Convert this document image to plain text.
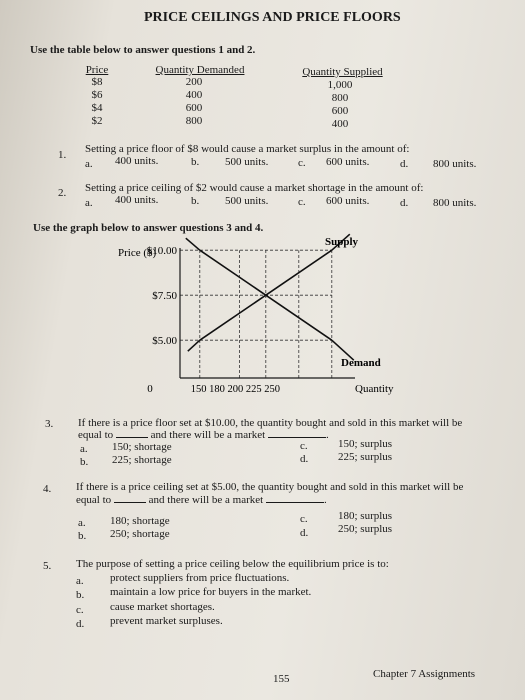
PRICE CEILINGS AND PRICE FLOORS
Use the table below to answer questions 1 and 2.
Price	Quantity Demanded	Quantity Supplied
$8	200	1,000
$6	400	800
$4	600	600
$2	800	400
1. Setting a price floor of $8 would cause a market surplus in the amount of:
a. 400 units.	b. 500 units.	c. 600 units.	d. 800 units.
2. Setting a price ceiling of $2 would cause a market shortage in the amount of:
a. 400 units.	b. 500 units.	c. 600 units.	d. 800 units.
Use the graph below to answer questions 3 and 4.
Price ($)
$10.00
$7.50
$5.00
0	150 180 200 225 250	Quantity
Supply
Demand
3. If there is a price floor set at $10.00, the quantity bought and sold in this market will be
equal to	and there will be a market	.
a. 150; shortage
b. 225; shortage
c.	150; surplus
d.	225; surplus
4. If there is a price ceiling set at $5.00, the quantity bought and sold in this market will be
equal to	and there will be a market	.
a. 180; shortage
b. 250; shortage
c.	180; surplus
d.	250; surplus
5. The purpose of setting a price ceiling below the equilibrium price is to:
a. protect suppliers from price fluctuations.
b. maintain a low price for buyers in the market.
c. cause market shortages.
d. prevent market surpluses.
155	Chapter 7 Assignments
